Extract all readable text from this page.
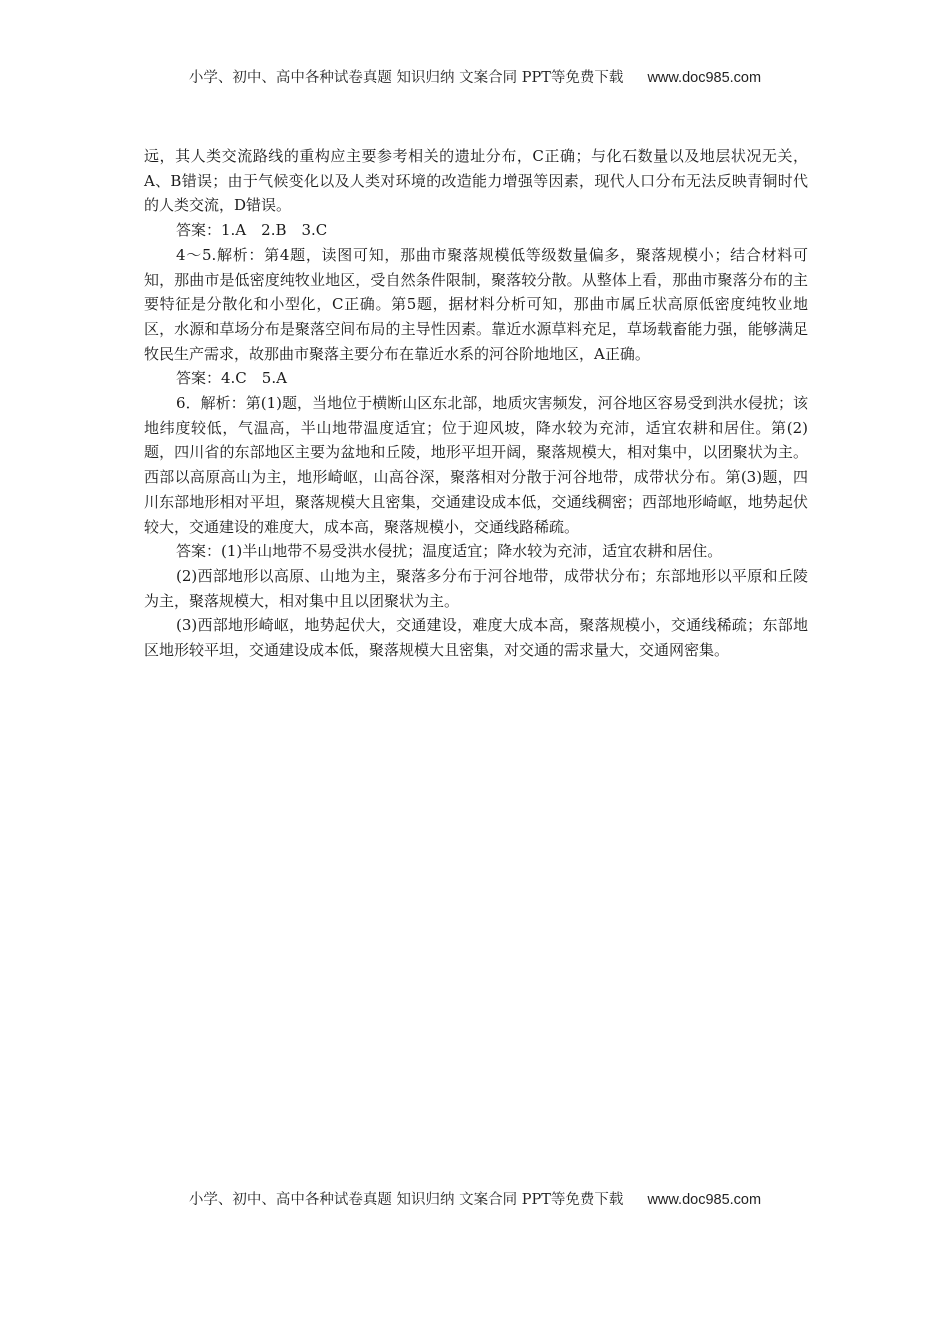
小学、初中、高中各种试卷真题 知识归纳 文案合同 PPT等免费下载 www.doc985.com

远，其人类交流路线的重构应主要参考相关的遗址分布，C正确；与化石数量以及地层状况无关，A、B错误；由于气候变化以及人类对环境的改造能力增强等因素，现代人口分布无法反映青铜时代的人类交流，D错误。

答案：1.A　2.B　3.C

4～5.解析：第4题，读图可知，那曲市聚落规模低等级数量偏多，聚落规模小；结合材料可知，那曲市是低密度纯牧业地区，受自然条件限制，聚落较分散。从整体上看，那曲市聚落分布的主要特征是分散化和小型化，C正确。第5题，据材料分析可知，那曲市属丘状高原低密度纯牧业地区，水源和草场分布是聚落空间布局的主导性因素。靠近水源草料充足，草场载畜能力强，能够满足牧民生产需求，故那曲市聚落主要分布在靠近水系的河谷阶地地区，A正确。

答案：4.C　5.A

6．解析：第(1)题，当地位于横断山区东北部，地质灾害频发，河谷地区容易受到洪水侵扰；该地纬度较低，气温高，半山地带温度适宜；位于迎风坡，降水较为充沛，适宜农耕和居住。第(2)题，四川省的东部地区主要为盆地和丘陵，地形平坦开阔，聚落规模大，相对集中，以团聚状为主。西部以高原高山为主，地形崎岖，山高谷深，聚落相对分散于河谷地带，成带状分布。第(3)题，四川东部地形相对平坦，聚落规模大且密集，交通建设成本低，交通线稠密；西部地形崎岖，地势起伏较大，交通建设的难度大，成本高，聚落规模小，交通线路稀疏。

答案：(1)半山地带不易受洪水侵扰；温度适宜；降水较为充沛，适宜农耕和居住。

(2)西部地形以高原、山地为主，聚落多分布于河谷地带，成带状分布；东部地形以平原和丘陵为主，聚落规模大，相对集中且以团聚状为主。

(3)西部地形崎岖，地势起伏大，交通建设，难度大成本高，聚落规模小，交通线稀疏；东部地区地形较平坦，交通建设成本低，聚落规模大且密集，对交通的需求量大，交通网密集。

小学、初中、高中各种试卷真题 知识归纳 文案合同 PPT等免费下载 www.doc985.com
